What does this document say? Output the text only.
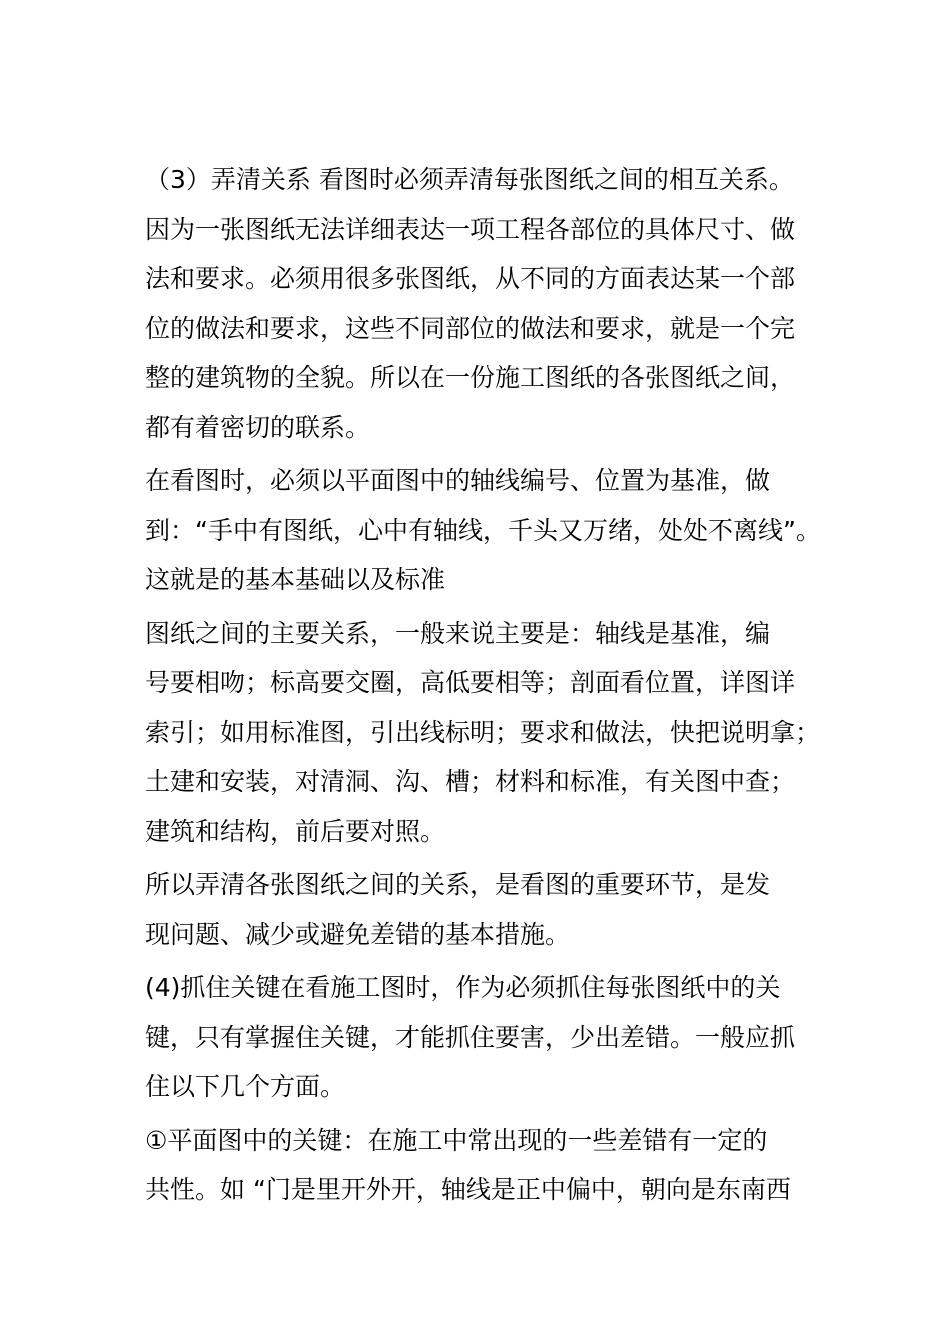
（3）弄清关系 看图时必须弄清每张图纸之间的相互关系。
因为一张图纸无法详细表达一项工程各部位的具体尺寸、做
法和要求。必须用很多张图纸，从不同的方面表达某一个部
位的做法和要求，这些不同部位的做法和要求，就是一个完
整的建筑物的全貌。所以在一份施工图纸的各张图纸之间，
都有着密切的联系。

在看图时，必须以平面图中的轴线编号、位置为基准，做
到：“手中有图纸，心中有轴线，千头又万绪，处处不离线”。
这就是的基本基础以及标准

图纸之间的主要关系，一般来说主要是：轴线是基准，编
号要相吻；标高要交圈，高低要相等；剖面看位置，详图详
索引；如用标准图，引出线标明；要求和做法，快把说明拿；
土建和安装，对清洞、沟、槽；材料和标准，有关图中查；
建筑和结构，前后要对照。

所以弄清各张图纸之间的关系，是看图的重要环节，是发
现问题、减少或避免差错的基本措施。

(4)抓住关键在看施工图时，作为必须抓住每张图纸中的关
键，只有掌握住关键，才能抓住要害，少出差错。一般应抓
住以下几个方面。

①平面图中的关键：在施工中常出现的一些差错有一定的
共性。如 “门是里开外开，轴线是正中偏中，朝向是东南西
